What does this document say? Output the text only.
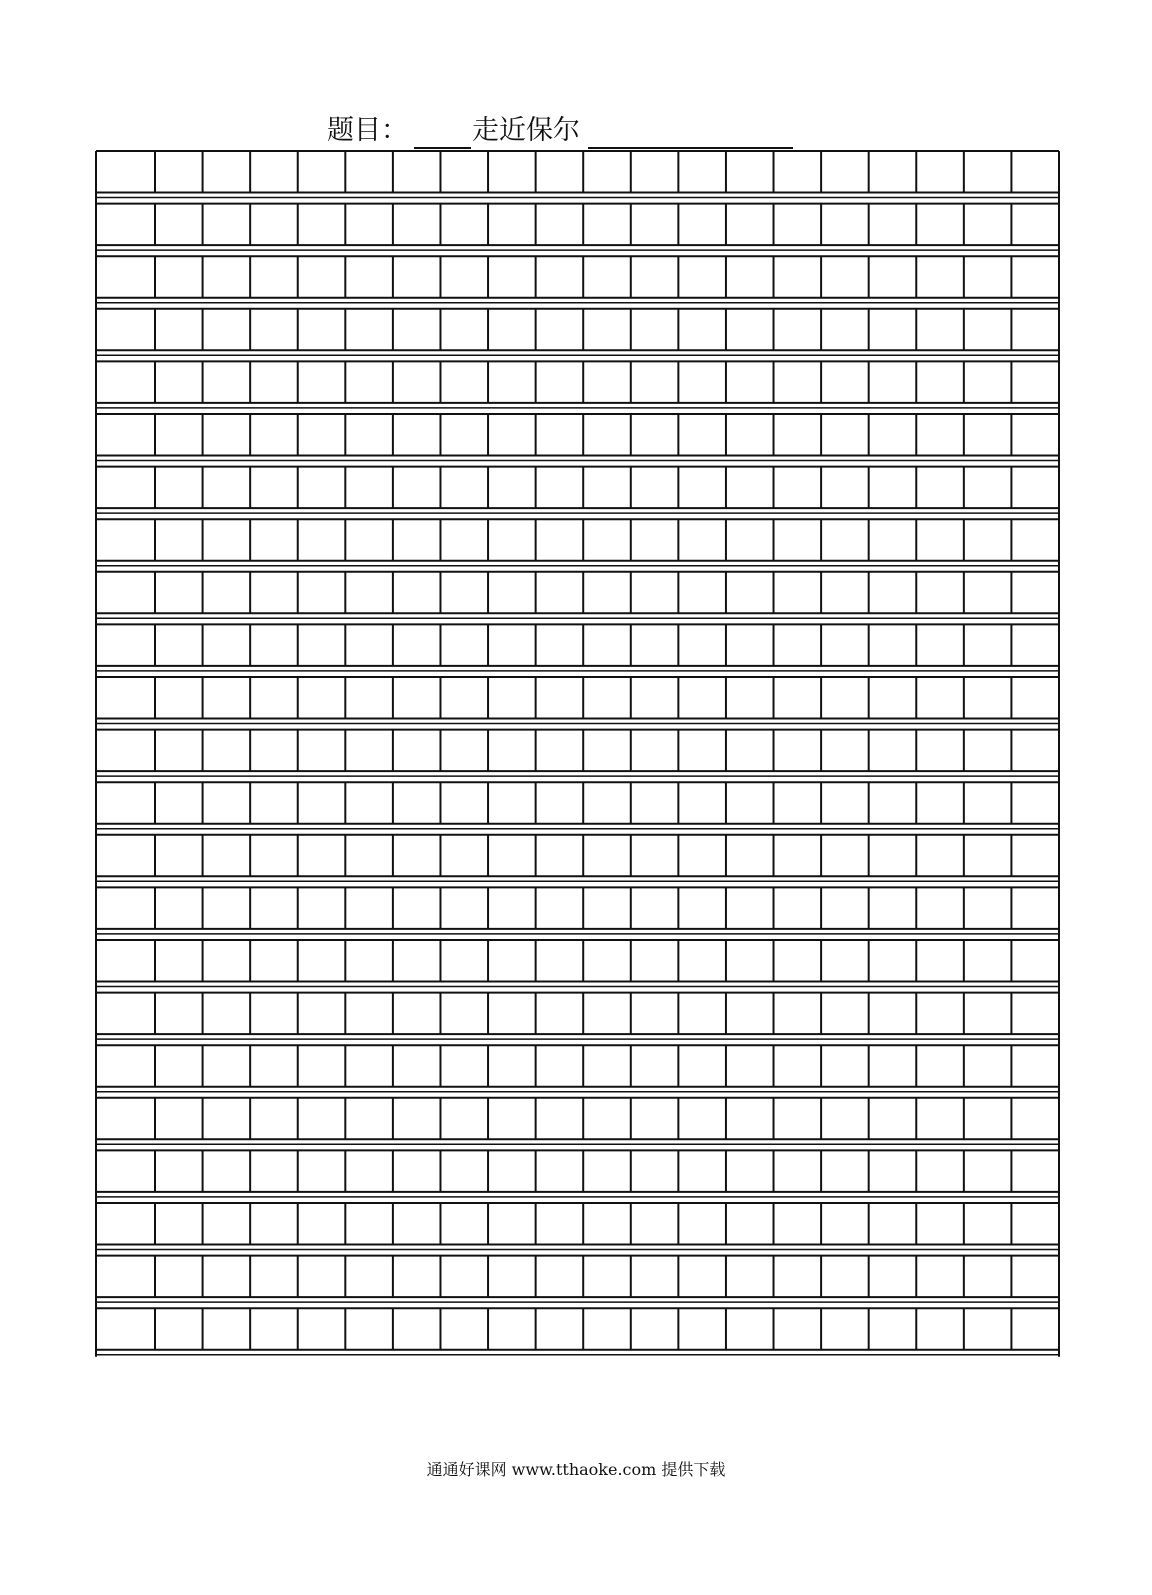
题目： 走近保尔
通通好课网 www.tthaoke.com 提供下载
